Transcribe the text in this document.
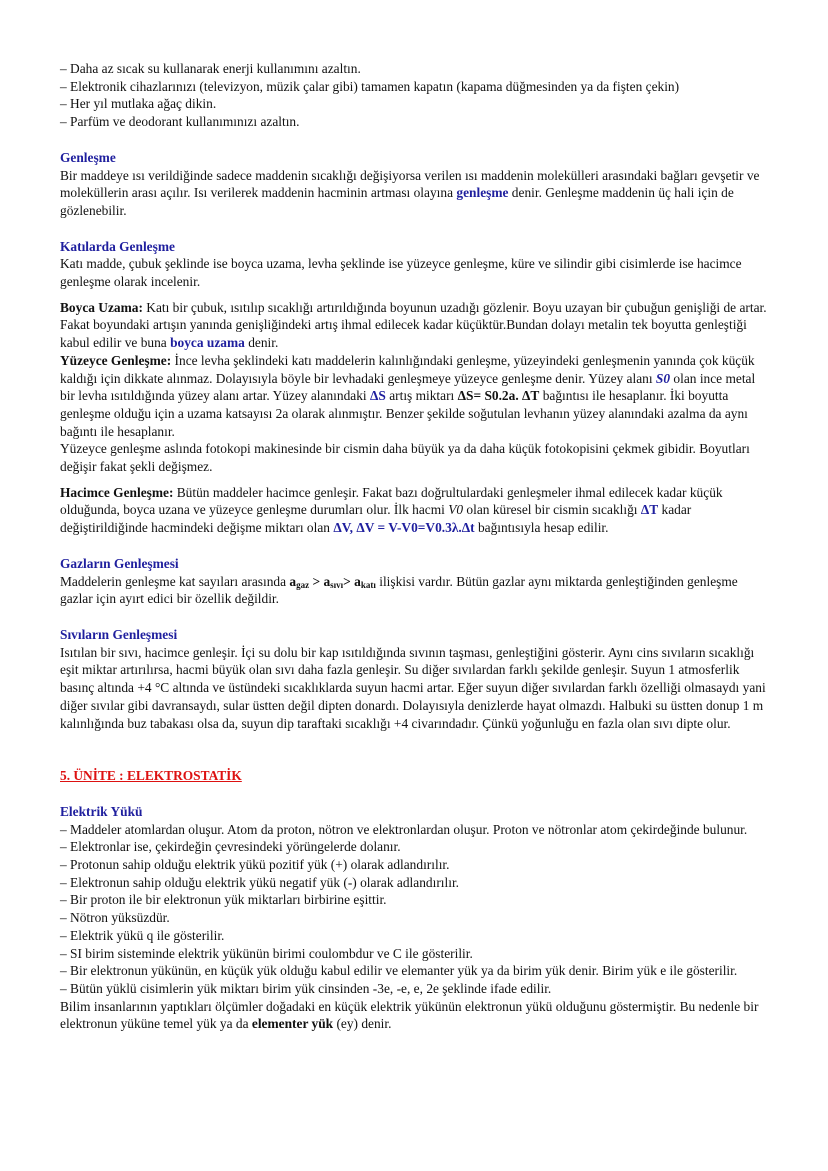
– Daha az sıcak su kullanarak enerji kullanımını azaltın.

– Elektronik cihazlarınızı (televizyon, müzik çalar gibi) tamamen kapatın (kapama düğmesinden ya da fişten çekin)

– Her yıl mutlaka ağaç dikin.

– Parfüm ve deodorant kullanımınızı azaltın.

Genleşme

Bir maddeye ısı verildiğinde sadece maddenin sıcaklığı değişiyorsa verilen ısı maddenin molekülleri arasındaki bağları gevşetir ve moleküllerin arası açılır. Isı verilerek maddenin hacminin artması olayına genleşme denir. Genleşme maddenin üç hali için de gözlenebilir.

Katılarda Genleşme

Katı madde, çubuk şeklinde ise boyca uzama, levha şeklinde ise yüzeyce genleşme, küre ve silindir gibi cisimlerde ise hacimce genleşme olarak incelenir.

Boyca Uzama: Katı bir çubuk, ısıtılıp sıcaklığı artırıldığında boyunun uzadığı gözlenir. Boyu uzayan bir çubuğun genişliği de artar. Fakat boyundaki artışın yanında genişliğindeki artış ihmal edilecek kadar küçüktür.Bundan dolayı metalin tek boyutta genleştiği kabul edilir ve buna boyca uzama denir.

Yüzeyce Genleşme: İnce levha şeklindeki katı maddelerin kalınlığındaki genleşme, yüzeyindeki genleşmenin yanında çok küçük kaldığı için dikkate alınmaz. Dolayısıyla böyle bir levhadaki genleşmeye yüzeyce genleşme denir. Yüzey alanı S0 olan ince metal bir levha ısıtıldığında yüzey alanı artar. Yüzey alanındaki ΔS artış miktarı ΔS= S0.2a. ΔT bağıntısı ile hesaplanır. İki boyutta genleşme olduğu için a uzama katsayısı 2a olarak alınmıştır. Benzer şekilde soğutulan levhanın yüzey alanındaki azalma da aynı bağıntı ile hesaplanır.

Yüzeyce genleşme aslında fotokopi makinesinde bir cismin daha büyük ya da daha küçük fotokopisini çekmek gibidir. Boyutları değişir fakat şekli değişmez.

Hacimce Genleşme: Bütün maddeler hacimce genleşir. Fakat bazı doğrultulardaki genleşmeler ihmal edilecek kadar küçük olduğunda, boyca uzana ve yüzeyce genleşme durumları olur. İlk hacmi V0 olan küresel bir cismin sıcaklığı ΔT kadar değiştirildiğinde hacmindeki değişme miktarı olan ΔV, ΔV = V-V0=V0.3λ.Δt bağıntısıyla hesap edilir.

Gazların Genleşmesi

Maddelerin genleşme kat sayıları arasında $a_{gaz} > a_{sıvı}> a_{katı}$ ilişkisi vardır. Bütün gazlar aynı miktarda genleştiğinden genleşme gazlar için ayırt edici bir özellik değildir.

Sıvıların Genleşmesi

Isıtılan bir sıvı, hacimce genleşir. İçi su dolu bir kap ısıtıldığında sıvının taşması, genleştiğini gösterir. Aynı cins sıvıların sıcaklığı eşit miktar artırılırsa, hacmi büyük olan sıvı daha fazla genleşir. Su diğer sıvılardan farklı şekilde genleşir. Suyun 1 atmosferlik basınç altında +4 °C altında ve üstündeki sıcaklıklarda suyun hacmi artar. Eğer suyun diğer sıvılardan farklı özelliği olmasaydı yani diğer sıvılar gibi davransaydı, sular üstten değil dipten donardı. Dolayısıyla denizlerde hayat olmazdı. Halbuki su üstten donup 1 m kalınlığında buz tabakası olsa da, suyun dip taraftaki sıcaklığı +4 civarındadır. Çünkü yoğunluğu en fazla olan sıvı dipte olur.

5. ÜNİTE : ELEKTROSTATİK

Elektrik Yükü

– Maddeler atomlardan oluşur. Atom da proton, nötron ve elektronlardan oluşur. Proton ve nötronlar atom çekirdeğinde bulunur.

– Elektronlar ise, çekirdeğin çevresindeki yörüngelerde dolanır.

– Protonun sahip olduğu elektrik yükü pozitif yük (+) olarak adlandırılır.

– Elektronun sahip olduğu elektrik yükü negatif yük (-) olarak adlandırılır.

– Bir proton ile bir elektronun yük miktarları birbirine eşittir.

– Nötron yüksüzdür.

– Elektrik yükü q ile gösterilir.

– SI birim sisteminde elektrik yükünün birimi coulombdur ve C ile gösterilir.

– Bir elektronun yükünün, en küçük yük olduğu kabul edilir ve elemanter yük ya da birim yük denir. Birim yük e ile gösterilir.

– Bütün yüklü cisimlerin yük miktarı birim yük cinsinden -3e, -e, e, 2e şeklinde ifade edilir.

Bilim insanlarının yaptıkları ölçümler doğadaki en küçük elektrik yükünün elektronun yükü olduğunu göstermiştir. Bu nedenle bir elektronun yüküne temel yük ya da elementer yük (ey) denir.
